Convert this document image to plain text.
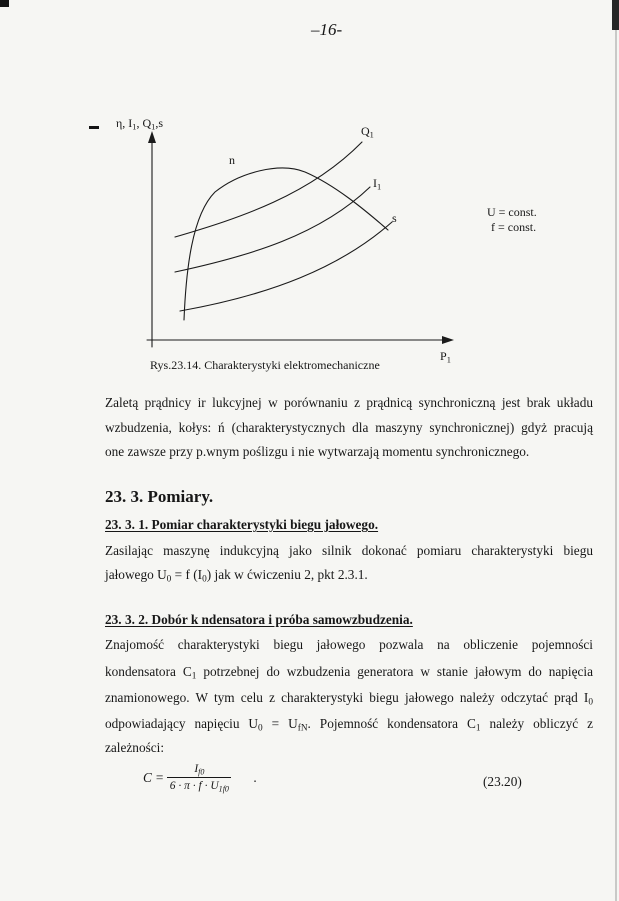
–16-
η, $I_1$, $Q_1,s$
$Q_1$
n
$I_1$
s	U = const.
f = const.
$P_1$
Rys.23.14. Charakterystyki elektromechaniczne
Zaletą prądnicy ir lukcyjnej w porównaniu z prądnicą synchroniczną jest brak układu
wzbudzenia, kołys: ń (charakterystycznych dla maszyny synchronicznej) gdyż pracują
one zawsze przy p.wnym poślizgu i nie wytwarzają momentu synchronicznego.
23. 3. Pomiary.
23. 3. 1. Pomiar charakterystyki biegu jałowego.
Zasilając maszynę indukcyjną jako silnik dokonać pomiaru charakterystyki biegu
jałowego $U_0 = f$ $(I_0)$ jak w ćwiczeniu 2, pkt 2.3.1.
23. 3. 2. Dobór k ndensatora i próba samowzbudzenia.
Znajomość charakterystyki biegu jałowego pozwala na obliczenie pojemności
kondensatora $C_1$ potrzebnej do wzbudzenia generatora w stanie jałowym do napięcia
znamionowego. W tym celu z charakterystyki biegu jałowego należy odczytać prąd $I_0$
odpowiadający napięciu $U_0 = U_{fN}$. Pojemność kondensatora $C_1$ należy obliczyć z
zależności:
$C = \frac{I_{f0}}{6 \cdot \pi \cdot f \cdot U_{1f0}}$ .	(23.20)
